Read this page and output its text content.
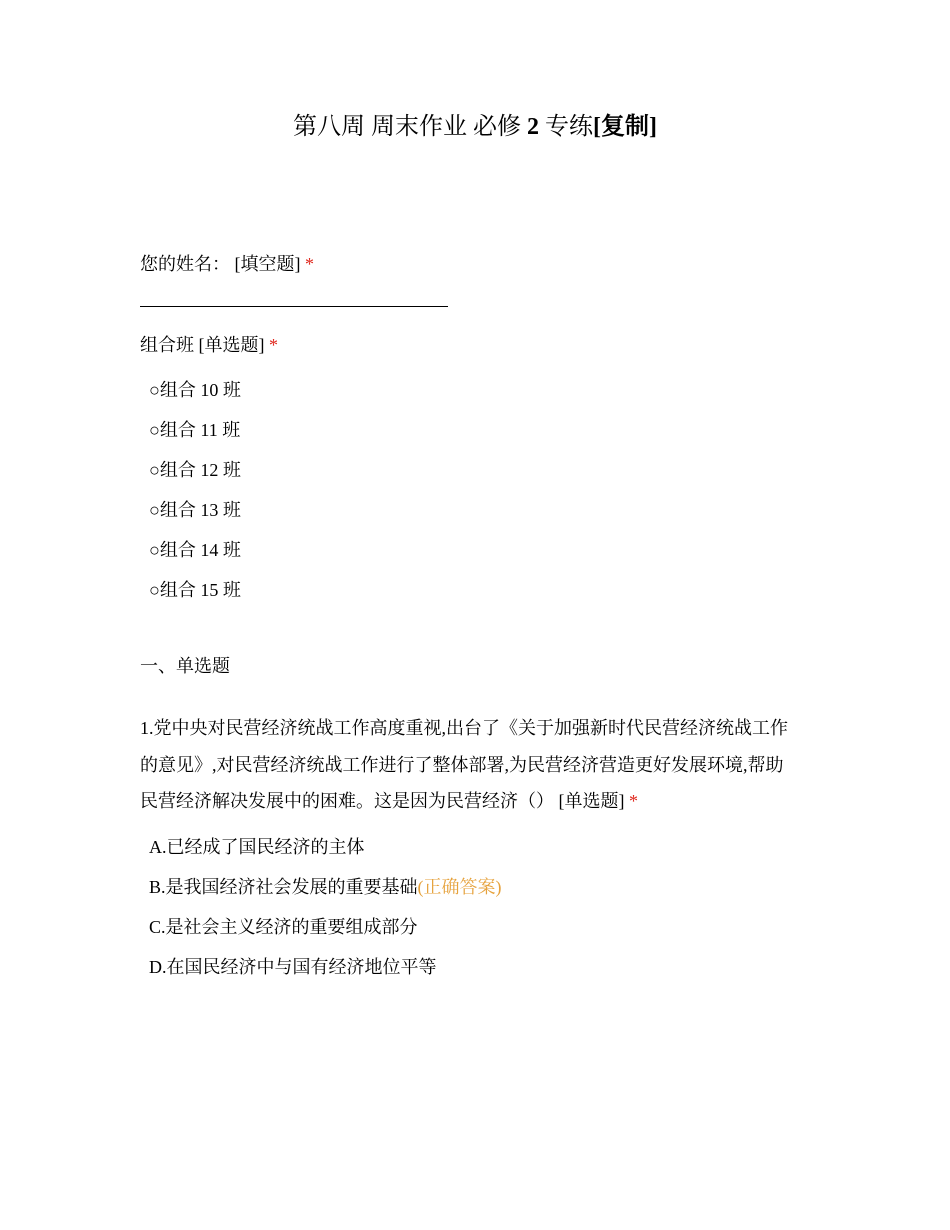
第八周 周末作业 必修 2 专练[复制]
您的姓名： [填空题] *
组合班 [单选题] *
○组合 10 班
○组合 11 班
○组合 12 班
○组合 13 班
○组合 14 班
○组合 15 班
一、单选题
1.党中央对民营经济统战工作高度重视,出台了《关于加强新时代民营经济统战工作
的意见》,对民营经济统战工作进行了整体部署,为民营经济营造更好发展环境,帮助
民营经济解决发展中的困难。这是因为民营经济（） [单选题] *
A.已经成了国民经济的主体
B.是我国经济社会发展的重要基础(正确答案)
C.是社会主义经济的重要组成部分
D.在国民经济中与国有经济地位平等
